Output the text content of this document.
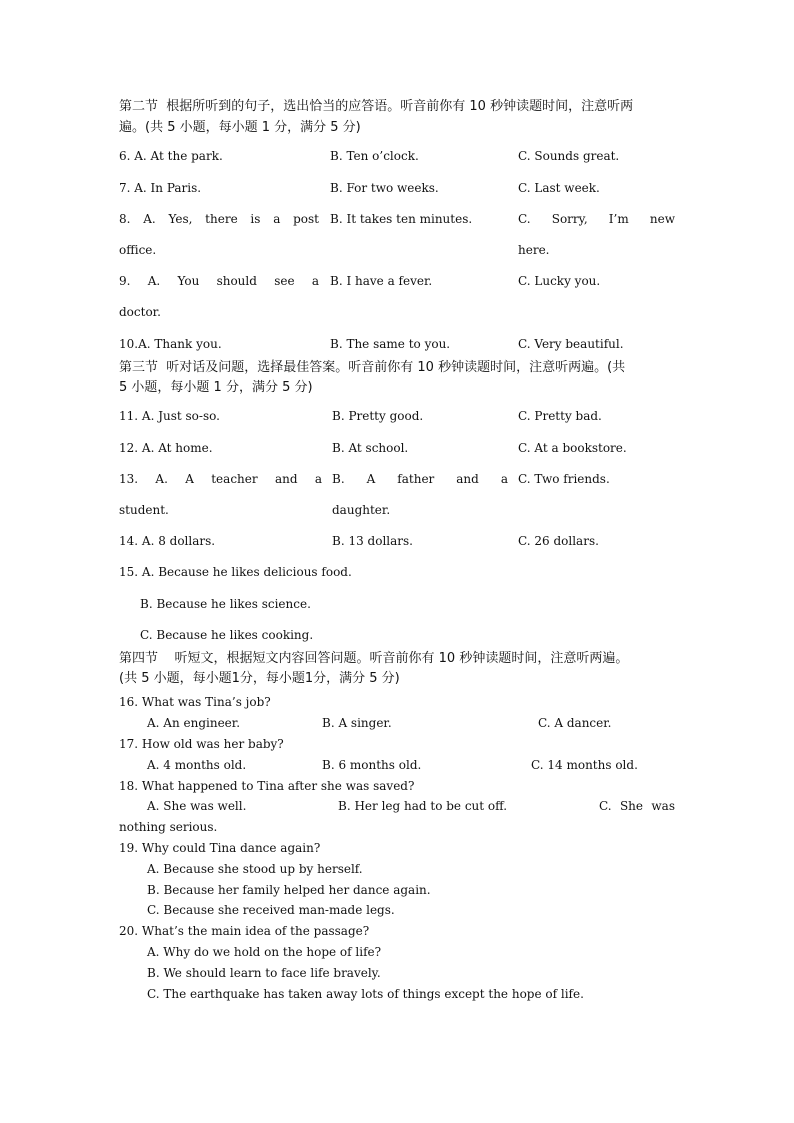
第二节  根据所听到的句子，选出恰当的应答语。听音前你有 10 秒钟读题时间，注意听两
遍。(共 5 小题，每小题 1 分，满分 5 分)
6. A. At the park.	B. Ten o’clock.	C. Sounds great.
7. A. In Paris.	B. For two weeks.	C. Last week.
8. A. Yes, there is a post
office.
B. It takes ten minutes.	C. Sorry, I’m new
here.
9. A. You should see a
doctor.
B. I have a fever.	C. Lucky you.
10.A. Thank you.	B. The same to you.	C. Very beautiful.
第三节  听对话及问题，选择最佳答案。听音前你有 10 秒钟读题时间，注意听两遍。(共
5 小题，每小题 1 分，满分 5 分)
11. A. Just so-so.	B. Pretty good.	C. Pretty bad.
12. A. At home.	B. At school.	C. At a bookstore.
13. A. A teacher and a
student.
B. A father and a
daughter.
C. Two friends.
14. A. 8 dollars.	B. 13 dollars.	C. 26 dollars.
15. A. Because he likes delicious food.
B. Because he likes science.
C. Because he likes cooking.
第四节    听短文，根据短文内容回答问题。听音前你有 10 秒钟读题时间，注意听两遍。
(共 5 小题，每小题1分，每小题1分，满分 5 分)
16. What was Tina’s job?
A. An engineer.	B. A singer.	C. A dancer.
17. How old was her baby?
A. 4 months old.	B. 6 months old.	C. 14 months old.
18. What happened to Tina after she was saved?
A. She was well.	B. Her leg had to be cut off.	C. She was
nothing serious.
19. Why could Tina dance again?
A. Because she stood up by herself.
B. Because her family helped her dance again.
C. Because she received man-made legs.
20. What’s the main idea of the passage?
A. Why do we hold on the hope of life?
B. We should learn to face life bravely.
C. The earthquake has taken away lots of things except the hope of life.
